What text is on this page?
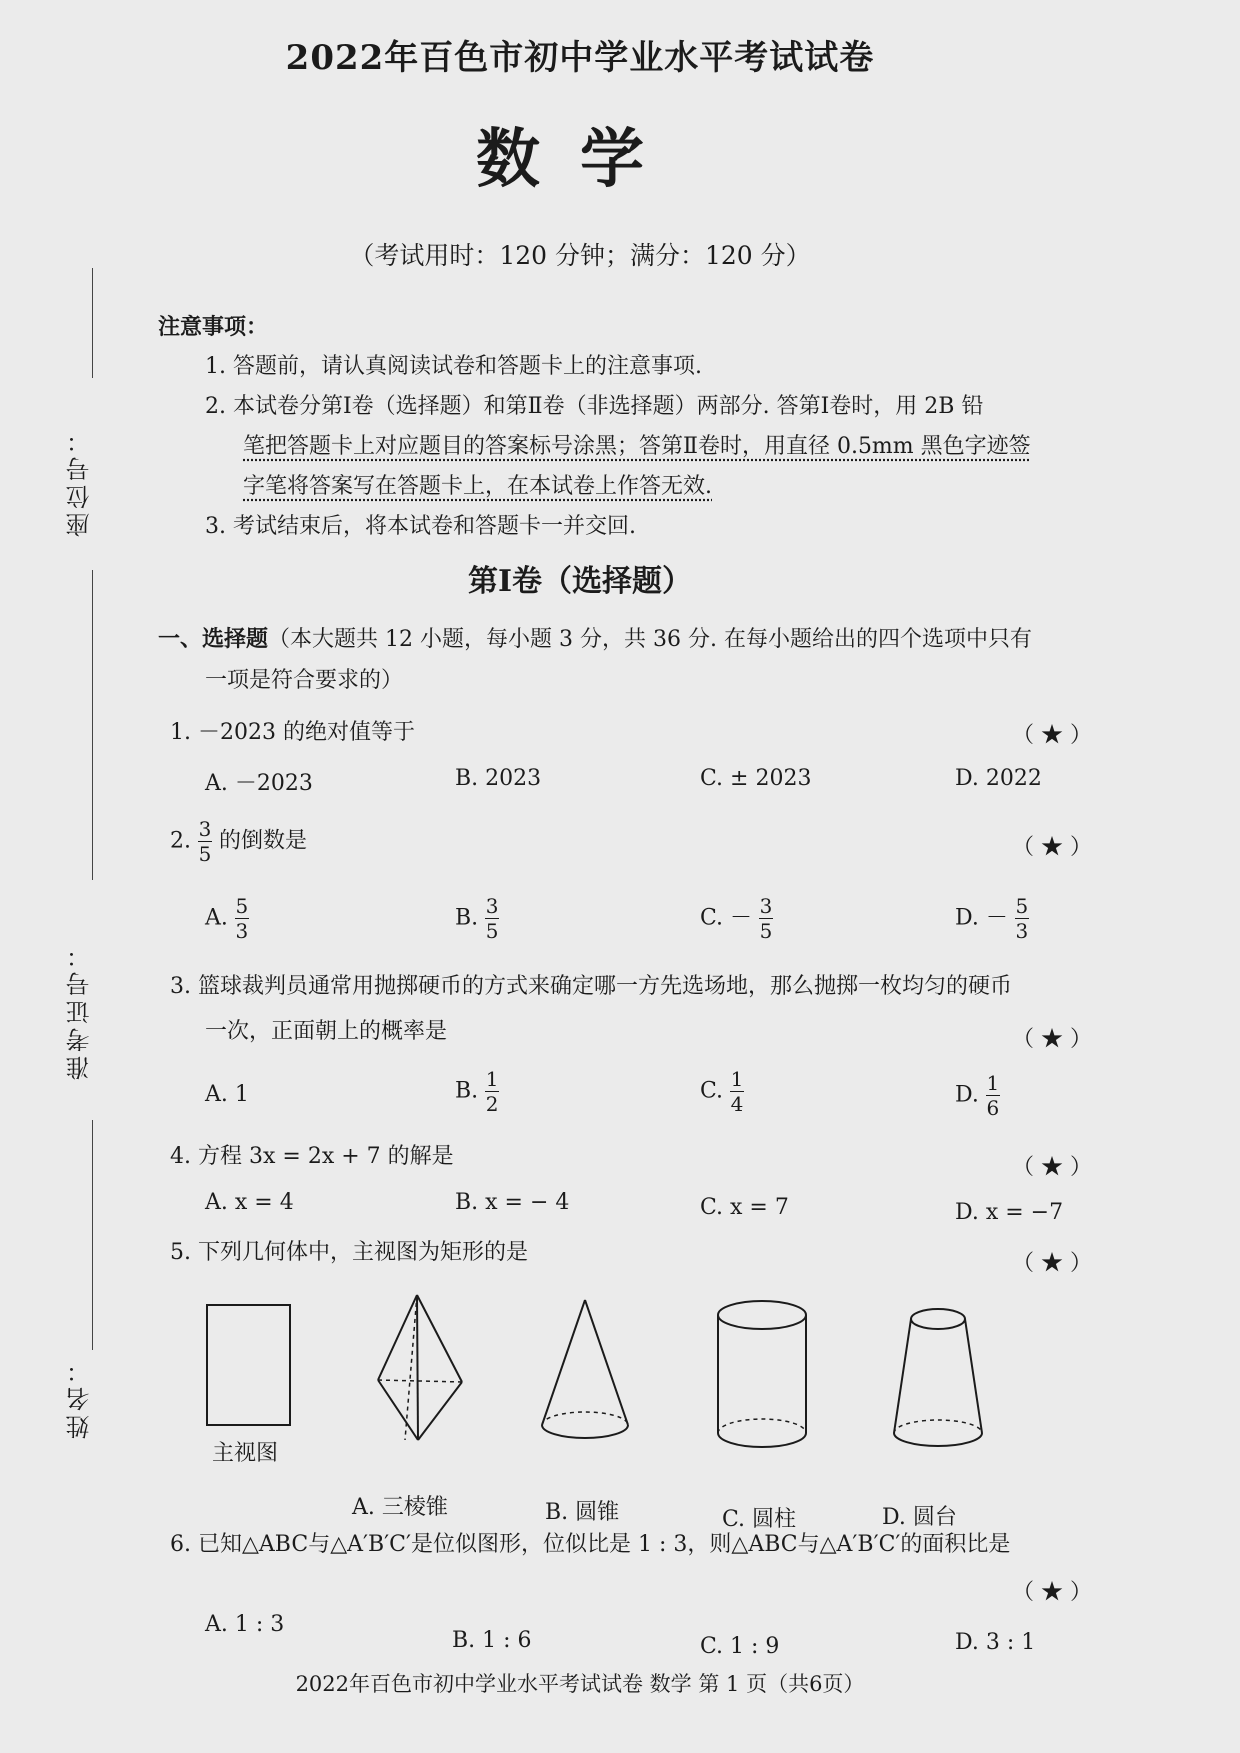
座位号：
准考证号：
姓名：
2022年百色市初中学业水平考试试卷
数学
（考试用时：120 分钟；满分：120 分）
注意事项：
1. 答题前，请认真阅读试卷和答题卡上的注意事项.
2. 本试卷分第Ⅰ卷（选择题）和第Ⅱ卷（非选择题）两部分. 答第Ⅰ卷时，用 2B 铅
笔把答题卡上对应题目的答案标号涂黑；答第Ⅱ卷时，用直径 0.5mm 黑色字迹签
字笔将答案写在答题卡上，在本试卷上作答无效.
3. 考试结束后，将本试卷和答题卡一并交回.
第Ⅰ卷（选择题）
一、选择题（本大题共 12 小题，每小题 3 分，共 36 分. 在每小题给出的四个选项中只有
一项是符合要求的）
1. －2023 的绝对值等于	（ ★ ）
A. －2023	B. 2023	C. ± 2023	D. 2022
2. $\frac{3}{5}$ 的倒数是	（ ★ ）
A. $\frac{5}{3}$	B. $\frac{3}{5}$	C. － $\frac{3}{5}$	D. － $\frac{5}{3}$
3. 篮球裁判员通常用抛掷硬币的方式来确定哪一方先选场地，那么抛掷一枚均匀的硬币
一次，正面朝上的概率是	（ ★ ）
A. 1	B. $\frac{1}{2}$	C. $\frac{1}{4}$	D. $\frac{1}{6}$
4. 方程 3x = 2x + 7 的解是	（ ★ ）
A. x = 4	B. x = − 4	C. x = 7	D. x = −7
5. 下列几何体中，主视图为矩形的是	（ ★ ）
主视图
A. 三棱锥	B. 圆锥	C. 圆柱	D. 圆台
6. 已知△ABC与△A′B′C′是位似图形，位似比是 1 : 3，则△ABC与△A′B′C′的面积比是
（ ★ ）
A. 1 : 3
B. 1 : 6	C. 1 : 9	D. 3 : 1
2022年百色市初中学业水平考试试卷 数学 第 1 页（共6页）
